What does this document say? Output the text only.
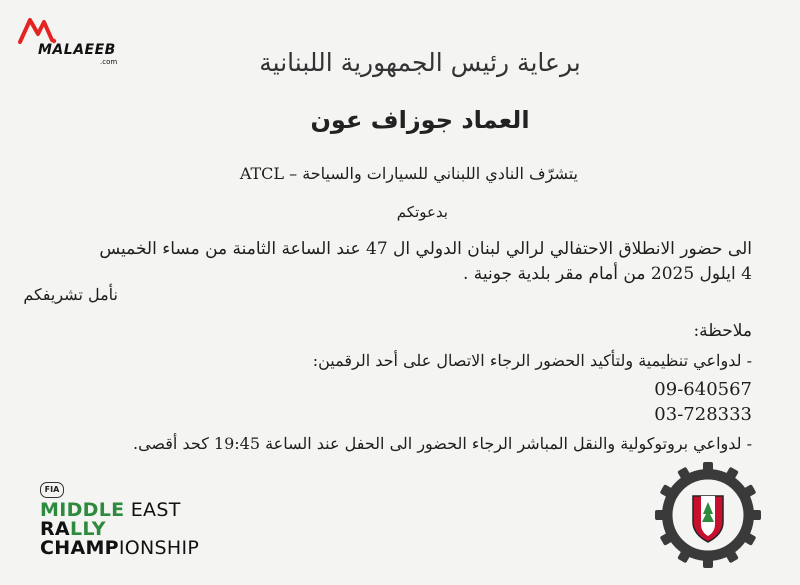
MALAEEB
.com	برعاية رئيس الجمهورية اللبنانية
العماد جوزاف عون
يتشرّف النادي اللبناني للسيارات والسياحة – ATCL
بدعوتكم
الى حضور الانطلاق الاحتفالي لرالي لبنان الدولي ال 47 عند الساعة الثامنة من مساء الخميس 4 ايلول 2025 من أمام مقر بلدية جونية .
نأمل تشريفكم
ملاحظة:
- لدواعي تنظيمية ولتأكيد الحضور الرجاء الاتصال على أحد الرقمين:
09-640567
03-728333
- لدواعي بروتوكولية والنقل المباشر الرجاء الحضور الى الحفل عند الساعة 19:45 كحد أقصى.
FIA
MIDDLE EAST
RALLY
CHAMPIONSHIP
